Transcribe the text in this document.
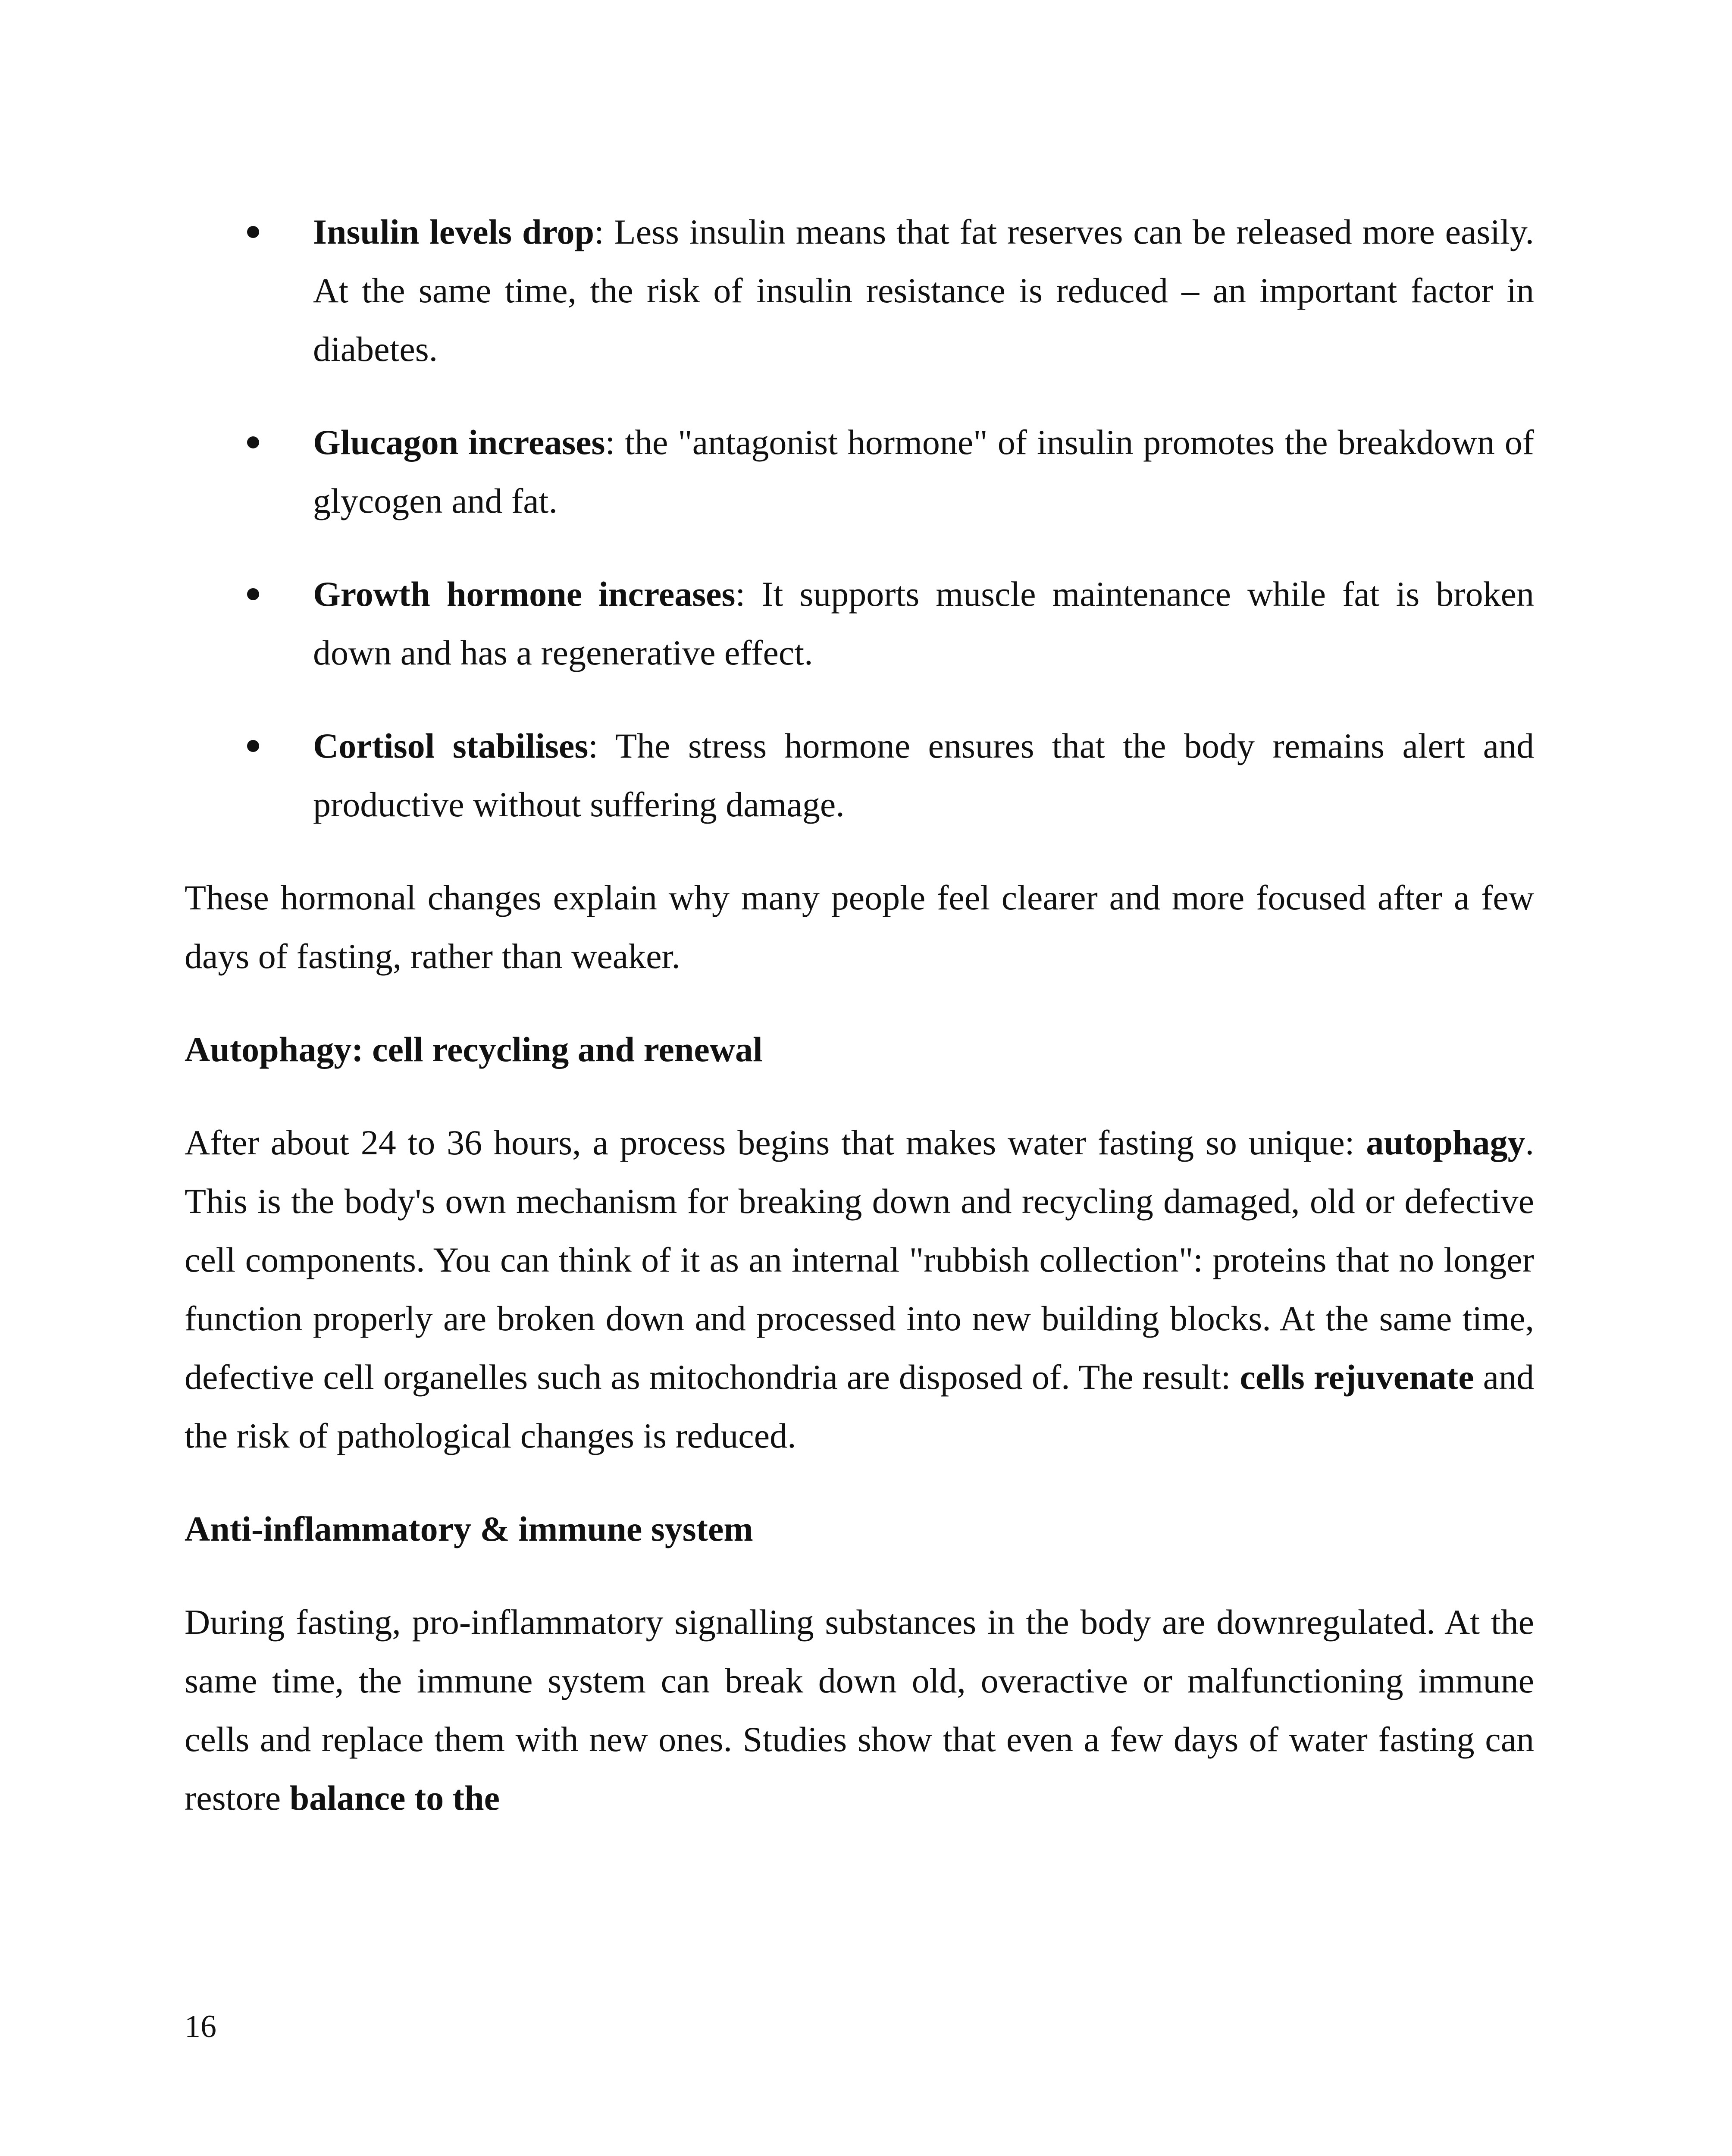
Insulin levels drop: Less insulin means that fat reserves can be released more easily. At the same time, the risk of insulin resistance is reduced – an important factor in diabetes.
Glucagon increases: the "antagonist hormone" of insulin promotes the breakdown of glycogen and fat.
Growth hormone increases: It supports muscle maintenance while fat is broken down and has a regenerative effect.
Cortisol stabilises: The stress hormone ensures that the body remains alert and productive without suffering damage.

These hormonal changes explain why many people feel clearer and more focused after a few days of fasting, rather than weaker.

Autophagy: cell recycling and renewal

After about 24 to 36 hours, a process begins that makes water fasting so unique: autophagy. This is the body's own mechanism for breaking down and recycling damaged, old or defective cell components. You can think of it as an internal "rubbish collection": proteins that no longer function properly are broken down and processed into new building blocks. At the same time, defective cell organelles such as mitochondria are disposed of. The result: cells rejuvenate and the risk of pathological changes is reduced.

Anti-inflammatory & immune system

During fasting, pro-inflammatory signalling substances in the body are downregulated. At the same time, the immune system can break down old, overactive or malfunctioning immune cells and replace them with new ones. Studies show that even a few days of water fasting can restore balance to the

16
